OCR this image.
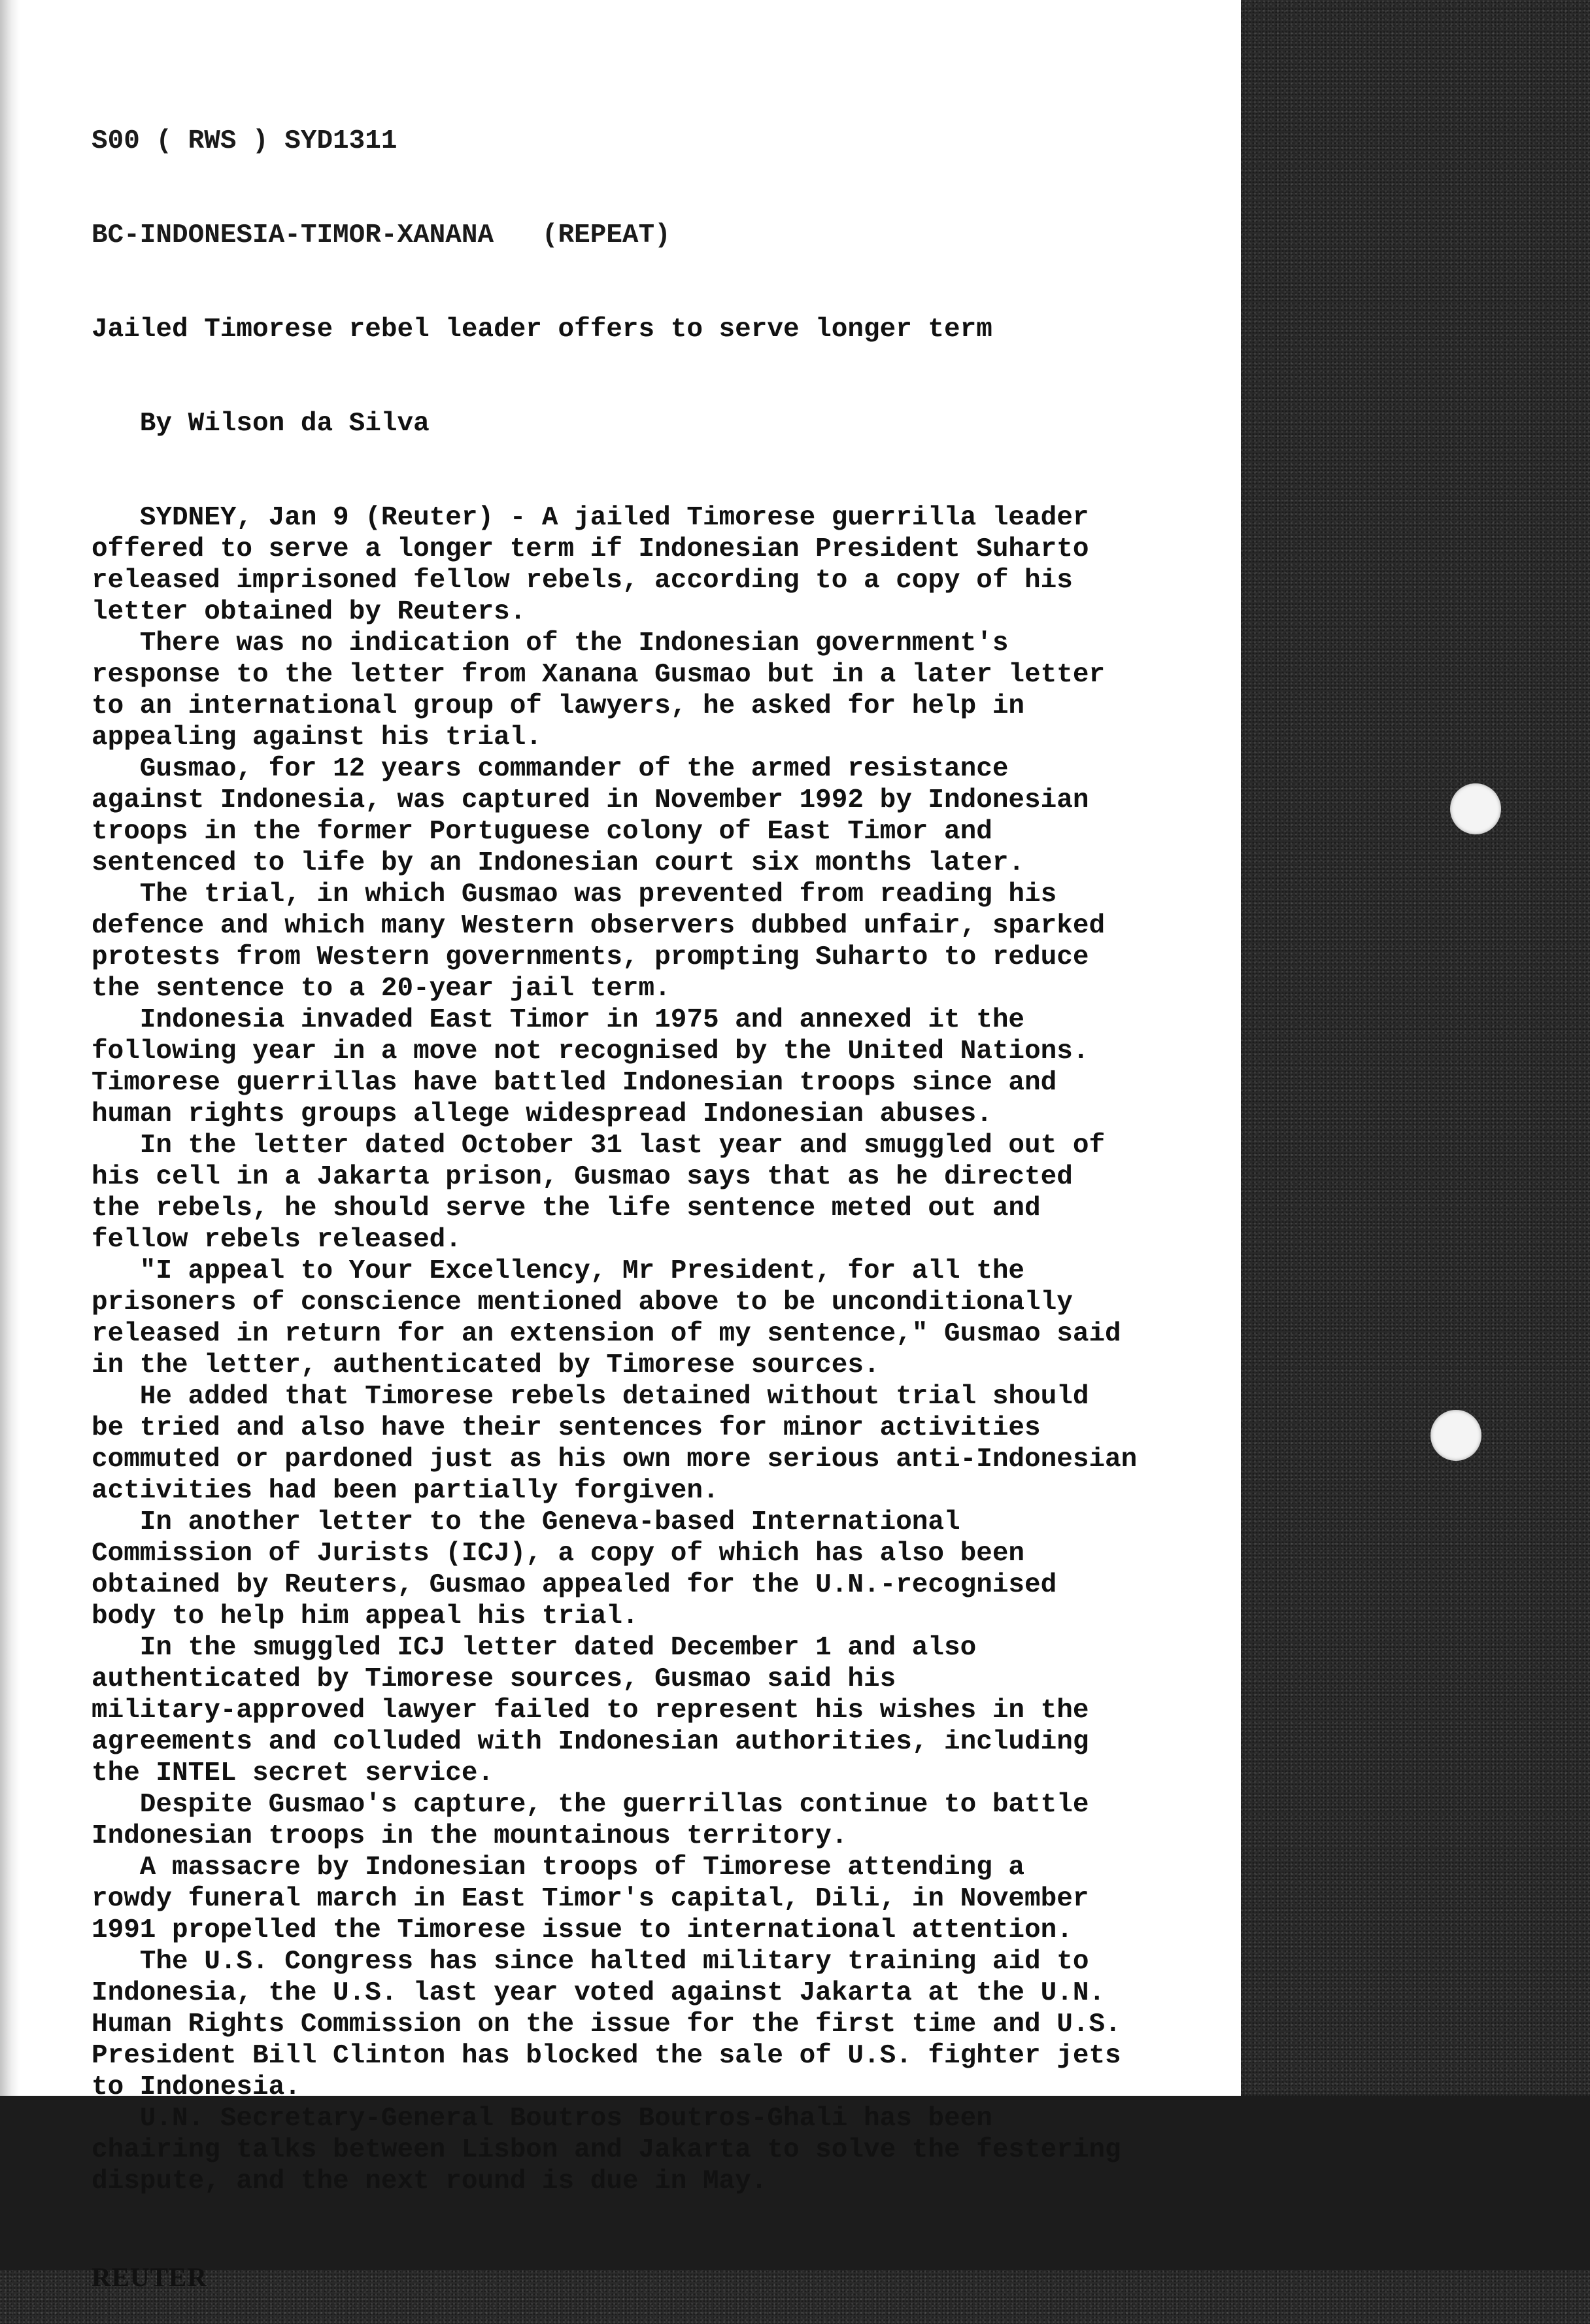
S00 ( RWS ) SYD1311

BC-INDONESIA-TIMOR-XANANA   (REPEAT)

Jailed Timorese rebel leader offers to serve longer term

By Wilson da Silva

SYDNEY, Jan 9 (Reuter) - A jailed Timorese guerrilla leader
offered to serve a longer term if Indonesian President Suharto
released imprisoned fellow rebels, according to a copy of his
letter obtained by Reuters.
There was no indication of the Indonesian government's
response to the letter from Xanana Gusmao but in a later letter
to an international group of lawyers, he asked for help in
appealing against his trial.
Gusmao, for 12 years commander of the armed resistance
against Indonesia, was captured in November 1992 by Indonesian
troops in the former Portuguese colony of East Timor and
sentenced to life by an Indonesian court six months later.
The trial, in which Gusmao was prevented from reading his
defence and which many Western observers dubbed unfair, sparked
protests from Western governments, prompting Suharto to reduce
the sentence to a 20-year jail term.
Indonesia invaded East Timor in 1975 and annexed it the
following year in a move not recognised by the United Nations.
Timorese guerrillas have battled Indonesian troops since and
human rights groups allege widespread Indonesian abuses.
In the letter dated October 31 last year and smuggled out of
his cell in a Jakarta prison, Gusmao says that as he directed
the rebels, he should serve the life sentence meted out and
fellow rebels released.
"I appeal to Your Excellency, Mr President, for all the
prisoners of conscience mentioned above to be unconditionally
released in return for an extension of my sentence," Gusmao said
in the letter, authenticated by Timorese sources.
He added that Timorese rebels detained without trial should
be tried and also have their sentences for minor activities
commuted or pardoned just as his own more serious anti-Indonesian
activities had been partially forgiven.
In another letter to the Geneva-based International
Commission of Jurists (ICJ), a copy of which has also been
obtained by Reuters, Gusmao appealed for the U.N.-recognised
body to help him appeal his trial.
In the smuggled ICJ letter dated December 1 and also
authenticated by Timorese sources, Gusmao said his
military-approved lawyer failed to represent his wishes in the
agreements and colluded with Indonesian authorities, including
the INTEL secret service.
Despite Gusmao's capture, the guerrillas continue to battle
Indonesian troops in the mountainous territory.
A massacre by Indonesian troops of Timorese attending a
rowdy funeral march in East Timor's capital, Dili, in November
1991 propelled the Timorese issue to international attention.
The U.S. Congress has since halted military training aid to
Indonesia, the U.S. last year voted against Jakarta at the U.N.
Human Rights Commission on the issue for the first time and U.S.
President Bill Clinton has blocked the sale of U.S. fighter jets
to Indonesia.
U.N. Secretary-General Boutros Boutros-Ghali has been
chairing talks between Lisbon and Jakarta to solve the festering
dispute, and the next round is due in May.

REUTER
